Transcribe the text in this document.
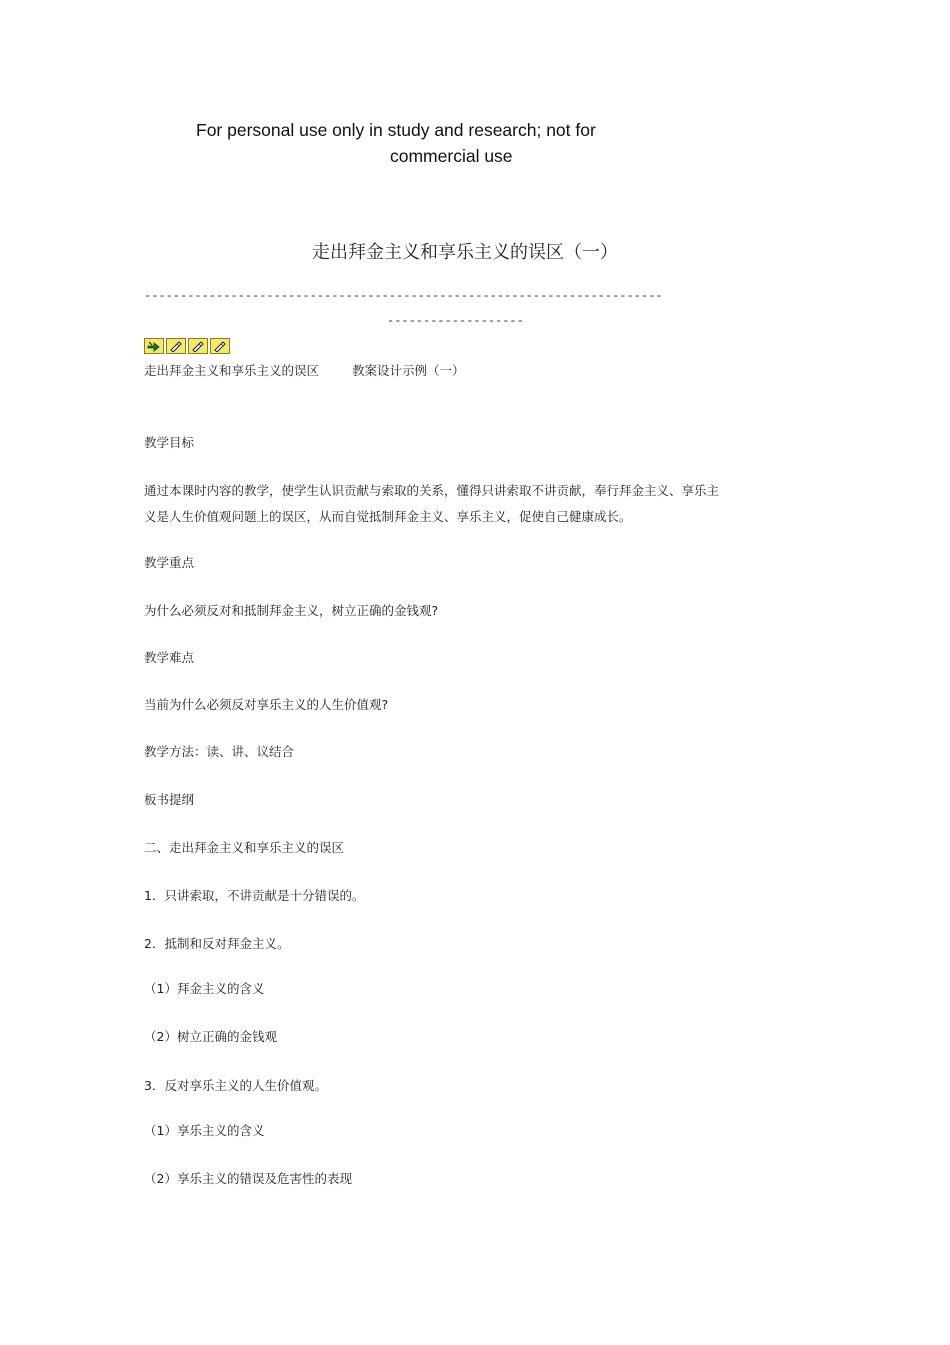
For personal use only in study and research; not for
commercial use
走出拜金主义和享乐主义的误区（一）
------------------------------------------------------------------------
-------------------
走出拜金主义和享乐主义的误区	教案设计示例（一）
教学目标
通过本课时内容的教学，使学生认识贡献与索取的关系，懂得只讲索取不讲贡献，奉行拜金主义、享乐主
义是人生价值观问题上的误区，从而自觉抵制拜金主义、享乐主义，促使自己健康成长。
教学重点
为什么必须反对和抵制拜金主义，树立正确的金钱观?
教学难点
当前为什么必须反对享乐主义的人生价值观?
教学方法：读、讲、议结合
板书提纲
二、走出拜金主义和享乐主义的误区
1．只讲索取，不讲贡献是十分错误的。
2．抵制和反对拜金主义。
（1）拜金主义的含义
（2）树立正确的金钱观
3．反对享乐主义的人生价值观。
（1）享乐主义的含义
（2）享乐主义的错误及危害性的表现
